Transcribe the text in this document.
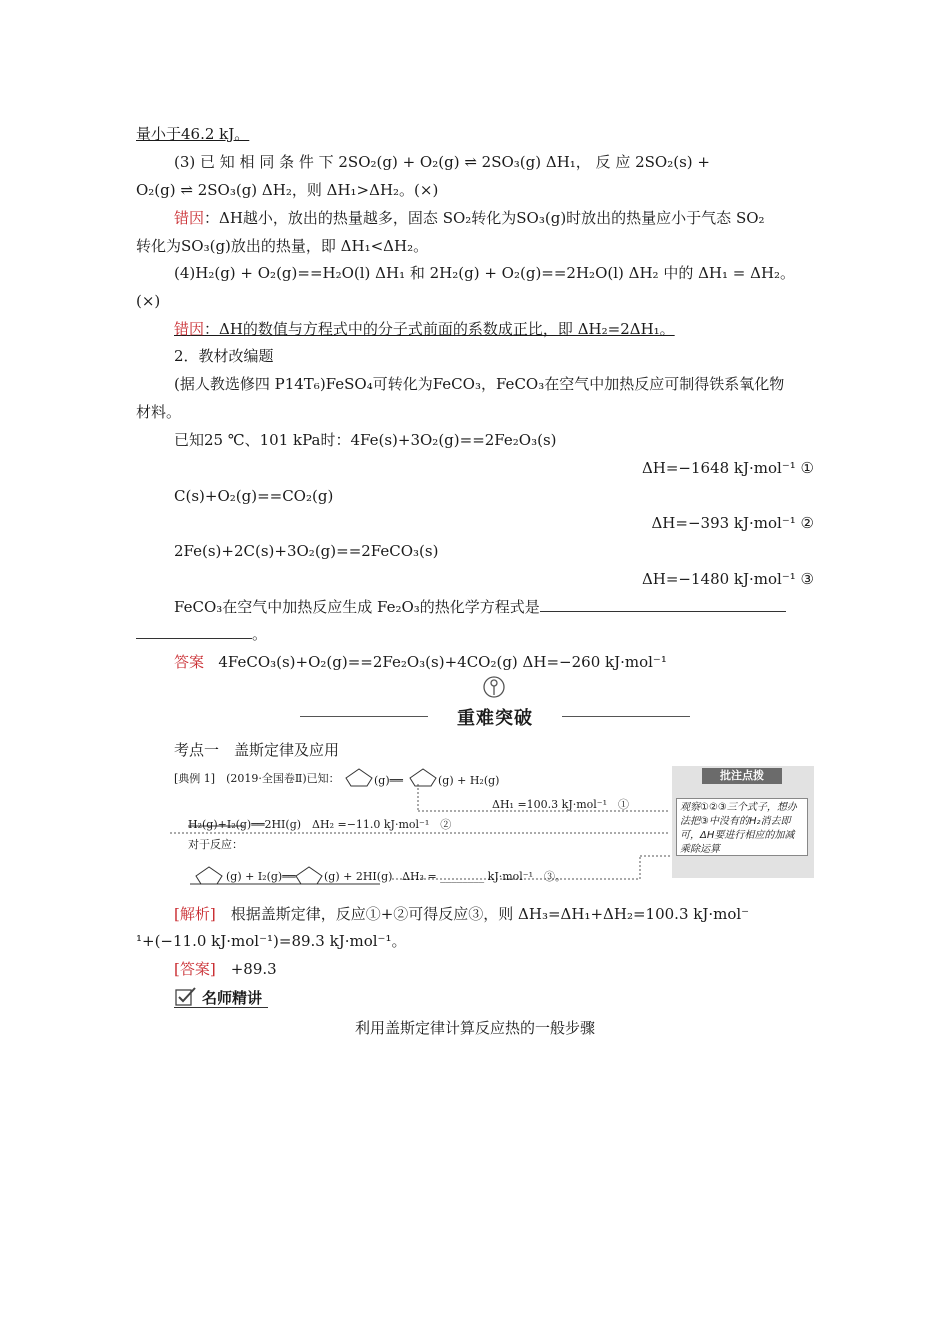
量小于46.2 kJ。
(3) 已 知 相 同 条 件 下 2SO₂(g) + O₂(g) ⇌ 2SO₃(g) ΔH₁， 反 应 2SO₂(s) +
O₂(g) ⇌ 2SO₃(g) ΔH₂，则 ΔH₁>ΔH₂。(×)
错因：ΔH越小，放出的热量越多，固态 SO₂转化为SO₃(g)时放出的热量应小于气态 SO₂
转化为SO₃(g)放出的热量，即 ΔH₁<ΔH₂。
(4)H₂(g) + O₂(g)==H₂O(l) ΔH₁ 和 2H₂(g) + O₂(g)==2H₂O(l) ΔH₂ 中的 ΔH₁ = ΔH₂。
(×)
错因：ΔH的数值与方程式中的分子式前面的系数成正比，即 ΔH₂=2ΔH₁。
2．教材改编题
(据人教选修四 P14T₆)FeSO₄可转化为FeCO₃，FeCO₃在空气中加热反应可制得铁系氧化物
材料。
已知25 ℃、101 kPa时：4Fe(s)+3O₂(g)==2Fe₂O₃(s)
ΔH=−1648 kJ·mol⁻¹ ①
C(s)+O₂(g)==CO₂(g)
ΔH=−393 kJ·mol⁻¹ ②
2Fe(s)+2C(s)+3O₂(g)==2FeCO₃(s)
ΔH=−1480 kJ·mol⁻¹ ③
FeCO₃在空气中加热反应生成 Fe₂O₃的热化学方程式是
。
答案 4FeCO₃(s)+O₂(g)==2Fe₂O₃(s)+4CO₂(g) ΔH=−260 kJ·mol⁻¹
重难突破
考点一　盖斯定律及应用
[典例 1]　(2019·全国卷Ⅱ)已知：	(g)══	(g) + H₂(g)
ΔH₁ =100.3 kJ·mol⁻¹　①
H₂(g)+I₂(g)══2HI(g)　ΔH₂ =−11.0 kJ·mol⁻¹　②
对于反应：
(g) + I₂(g)══	(g) + 2HI(g) ΔH₃ = ________ kJ·mol⁻¹　③。
批注点拨
观察①②③三个式子，想办法把③中没有的H₂消去即可，ΔH要进行相应的加减乘除运算
[解析]　根据盖斯定律，反应①+②可得反应③，则 ΔH₃=ΔH₁+ΔH₂=100.3 kJ·mol⁻
¹+(−11.0 kJ·mol⁻¹)=89.3 kJ·mol⁻¹。
[答案]　+89.3
名师精讲
利用盖斯定律计算反应热的一般步骤
